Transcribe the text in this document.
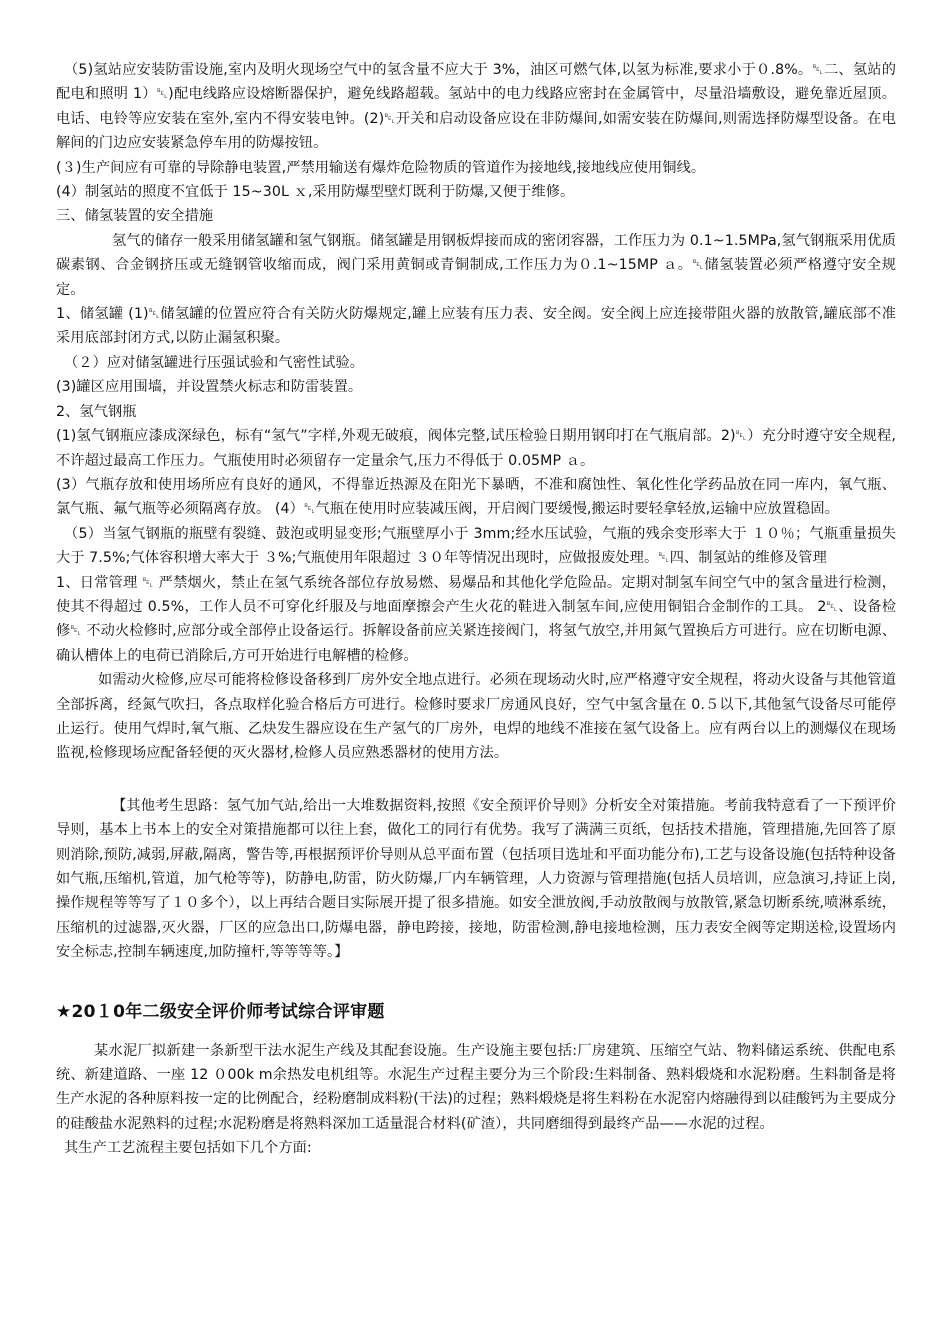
（5)氢站应安装防雷设施,室内及明火现场空气中的氢含量不应大于 3%，油区可燃气体,以氢为标准,要求小于０.8%。␇二、氢站的配电和照明 1）␇)配电线路应设熔断器保护，避免线路超载。氢站中的电力线路应密封在金属管中，尽量沿墙敷设，避免靠近屋顶。电话、电铃等应安装在室外,室内不得安装电钟。(2)␇开关和启动设备应设在非防爆间,如需安装在防爆间,则需选择防爆型设备。在电解间的门边应安装紧急停车用的防爆按钮。

(３)生产间应有可靠的导除静电装置,严禁用输送有爆炸危险物质的管道作为接地线,接地线应使用铜线。

(4）制氢站的照度不宜低于 15~30L ｘ,采用防爆型壁灯既利于防爆,又便于维修。

三、储氢装置的安全措施

氢气的储存一般采用储氢罐和氢气钢瓶。储氢罐是用钢板焊接而成的密闭容器，工作压力为 0.1~1.5MPa,氢气钢瓶采用优质碳素钢、合金钢挤压或无缝钢管收缩而成，阀门采用黄铜或青铜制成,工作压力为０.1~15MP ａ。␇储氢装置必须严格遵守安全规定。

1、储氢罐 (1)␇储氢罐的位置应符合有关防火防爆规定,罐上应装有压力表、安全阀。安全阀上应连接带阻火器的放散管,罐底部不准采用底部封闭方式,以防止漏氢积聚。

（２）应对储氢罐进行压强试验和气密性试验。

(3)罐区应用围墙，并设置禁火标志和防雷装置。

2、氢气钢瓶

(1)氢气钢瓶应漆成深绿色，标有“氢气”字样,外观无破痕，阀体完整,试压检验日期用钢印打在气瓶肩部。2)␇）充分时遵守安全规程,不许超过最高工作压力。气瓶使用时必须留存一定量余气,压力不得低于 0.05MP ａ。

(3）气瓶存放和使用场所应有良好的通风，不得靠近热源及在阳光下暴晒，不准和腐蚀性、氧化性化学药品放在同一库内，氧气瓶、氯气瓶、氟气瓶等必须隔离存放。 (4）␇气瓶在使用时应装减压阀，开启阀门要缓慢,搬运时要轻拿轻放,运输中应放置稳固。

（5）当氢气钢瓶的瓶壁有裂缝、鼓泡或明显变形;气瓶壁厚小于 3mm;经水压试验，气瓶的残余变形率大于 １０％；气瓶重量损失大于 7.5%;气体容积增大率大于 ３%;气瓶使用年限超过 ３０年等情况出现时，应做报废处理。␇四、制氢站的维修及管理

1、日常管理 ␇ 严禁烟火，禁止在氢气系统各部位存放易燃、易爆品和其他化学危险品。定期对制氢车间空气中的氢含量进行检测，使其不得超过 0.5%，工作人员不可穿化纤服及与地面摩擦会产生火花的鞋进入制氢车间,应使用铜铝合金制作的工具。 2␇、设备检修␇ 不动火检修时,应部分或全部停止设备运行。拆解设备前应关紧连接阀门，将氢气放空,并用氮气置换后方可进行。应在切断电源、确认槽体上的电荷已消除后,方可开始进行电解槽的检修。

如需动火检修,应尽可能将检修设备移到厂房外安全地点进行。必须在现场动火时,应严格遵守安全规程，将动火设备与其他管道全部拆离，经氮气吹扫，各点取样化验合格后方可进行。检修时要求厂房通风良好，空气中氢含量在 0.５以下,其他氢气设备尽可能停止运行。使用气焊时,氧气瓶、乙炔发生器应设在生产氢气的厂房外，电焊的地线不准接在氢气设备上。应有两台以上的测爆仪在现场监视,检修现场应配备轻便的灭火器材,检修人员应熟悉器材的使用方法。

【其他考生思路：氢气加气站,给出一大堆数据资料,按照《安全预评价导则》分析安全对策措施。考前我特意看了一下预评价导则，基本上书本上的安全对策措施都可以往上套，做化工的同行有优势。我写了满满三页纸，包括技术措施，管理措施,先回答了原则消除,预防,减弱,屏蔽,隔离，警告等,再根据预评价导则从总平面布置（包括项目选址和平面功能分布),工艺与设备设施(包括特种设备如气瓶,压缩机,管道，加气枪等等)，防静电,防雷，防火防爆,厂内车辆管理，人力资源与管理措施(包括人员培训，应急演习,持证上岗,操作规程等等写了１０多个），以上再结合题目实际展开提了很多措施。如安全泄放阀,手动放散阀与放散管,紧急切断系统,喷淋系统，压缩机的过滤器,灭火器，厂区的应急出口,防爆电器，静电跨接，接地，防雷检测,静电接地检测，压力表安全阀等定期送检,设置场内安全标志,控制车辆速度,加防撞杆,等等等等。】

★20１0年二级安全评价师考试综合评审题

某水泥厂拟新建一条新型干法水泥生产线及其配套设施。生产设施主要包括:厂房建筑、压缩空气站、物料储运系统、供配电系统、新建道路、一座 12 ０00k m余热发电机组等。水泥生产过程主要分为三个阶段:生料制备、熟料煅烧和水泥粉磨。生料制备是将生产水泥的各种原料按一定的比例配合，经粉磨制成料粉(干法)的过程；熟料煅烧是将生料粉在水泥窑内熔融得到以硅酸钙为主要成分的硅酸盐水泥熟料的过程;水泥粉磨是将熟料深加工适量混合材料(矿渣），共同磨细得到最终产品——水泥的过程。

其生产工艺流程主要包括如下几个方面:
